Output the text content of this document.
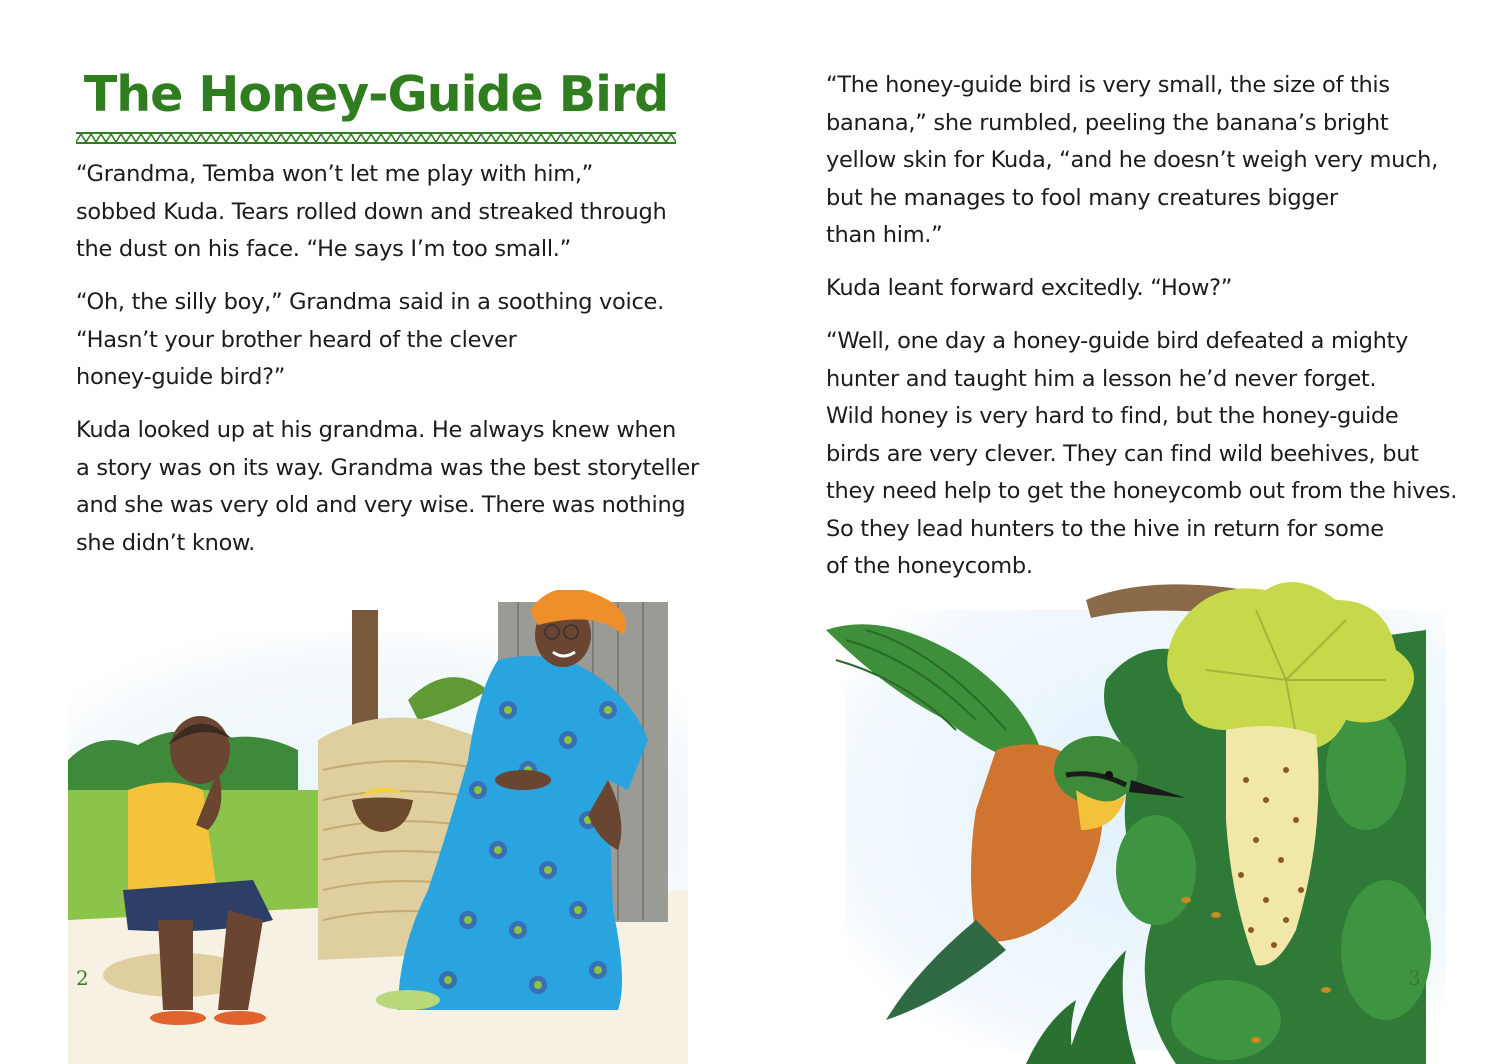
The Honey-Guide Bird

“Grandma, Temba won’t let me play with him,”
sobbed Kuda. Tears rolled down and streaked through
the dust on his face. “He says I’m too small.”

“Oh, the silly boy,” Grandma said in a soothing voice.
“Hasn’t your brother heard of the clever
honey-guide bird?”

Kuda looked up at his grandma. He always knew when
a story was on its way. Grandma was the best storyteller
and she was very old and very wise. There was nothing
she didn’t know.

2

“The honey-guide bird is very small, the size of this
banana,” she rumbled, peeling the banana’s bright
yellow skin for Kuda, “and he doesn’t weigh very much,
but he manages to fool many creatures bigger
than him.”

Kuda leant forward excitedly. “How?”

“Well, one day a honey-guide bird defeated a mighty
hunter and taught him a lesson he’d never forget.
Wild honey is very hard to find, but the honey-guide
birds are very clever. They can find wild beehives, but
they need help to get the honeycomb out from the hives.
So they lead hunters to the hive in return for some
of the honeycomb.

3
